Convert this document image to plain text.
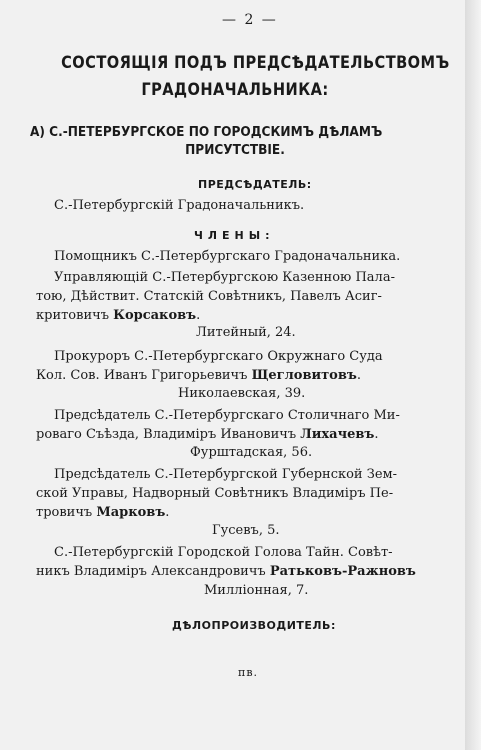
— 2 —
СОСТОЯЩІЯ ПОДЪ ПРЕДСѢДАТЕЛЬСТВОМЪ
ГРАДОНАЧАЛЬНИКА:
А) С.-ПЕТЕРБУРГСКОЕ ПО ГОРОДСКИМЪ ДѢЛАМЪ
ПРИСУТСТВІЕ.
ПРЕДСѢДАТЕЛЬ:
С.-Петербургскій Градоначальникъ.
ЧЛЕНЫ:
Помощникъ С.-Петербургскаго Градоначальника.
Управляющій С.-Петербургскою Казенною Пала-
тою, Дѣйствит. Статскій Совѣтникъ, Павелъ Асиг-
критовичъ Корсаковъ.
Литейный, 24.
Прокуроръ С.-Петербургскаго Окружнаго Суда
Кол. Сов. Иванъ Григорьевичъ Щегловитовъ.
Николаевская, 39.
Предсѣдатель С.-Петербургскаго Столичнаго Ми-
роваго Съѣзда, Владиміръ Ивановичъ Лихачевъ.
Фурштадская, 56.
Предсѣдатель С.-Петербургской Губернской Зем-
ской Управы, Надворный Совѣтникъ Владиміръ Пе-
тровичъ Марковъ.
Гусевъ, 5.
С.-Петербургскій Городской Голова Тайн. Совѣт-
никъ Владиміръ Александровичъ Ратьковъ-Ражновъ
Милліонная, 7.
ДѢЛОПРОИЗВОДИТЕЛЬ:
пв.
